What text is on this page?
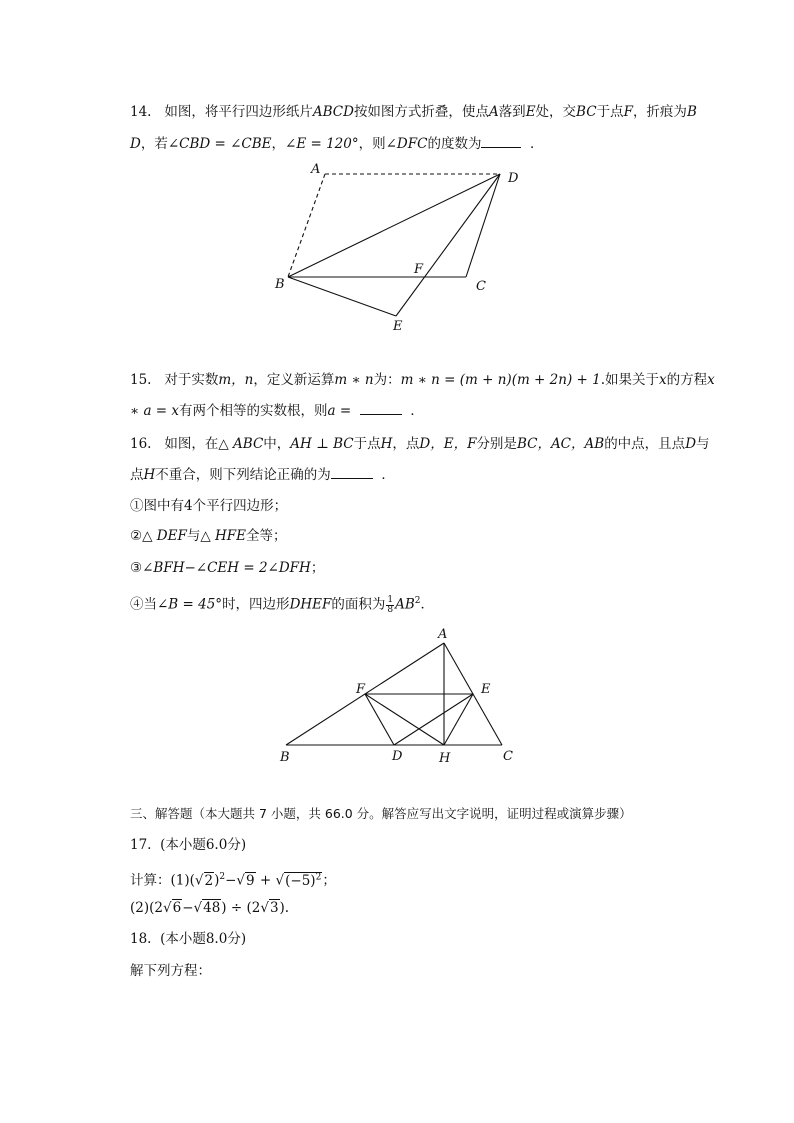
14. 如图，将平行四边形纸片ABCD按如图方式折叠，使点A落到E处，交BC于点F，折痕为B
D，若∠CBD = ∠CBE，∠E = 120°，则∠DFC的度数为	．
A
D
B
F
C
E
15. 对于实数m，n，定义新运算m ∗ n为：m ∗ n = (m + n)(m + 2n) + 1.如果关于x的方程x
∗ a = x有两个相等的实数根，则a =	．
16. 如图，在△ ABC中，AH ⊥ BC于点H，点D，E，F分别是BC，AC，AB的中点，且点D与
点H不重合，则下列结论正确的为	．
①图中有4个平行四边形；
②△ DEF与△ HFE全等；
③∠BFH−∠CEH = 2∠DFH；
④当∠B = 45°时，四边形DHEF的面积为 $\frac{1}{8} AB^2$．
A
F	E
B	D	H	C
三、解答题（本大题共 7 小题，共 66.0 分。解答应写出文字说明，证明过程或演算步骤）
17. (本小题6.0分)
计算：$(1)(√2)^2-√9 + √(-5)^2$；
(2)(2√6−√48) ÷ (2√3).
18. (本小题8.0分)
解下列方程：
